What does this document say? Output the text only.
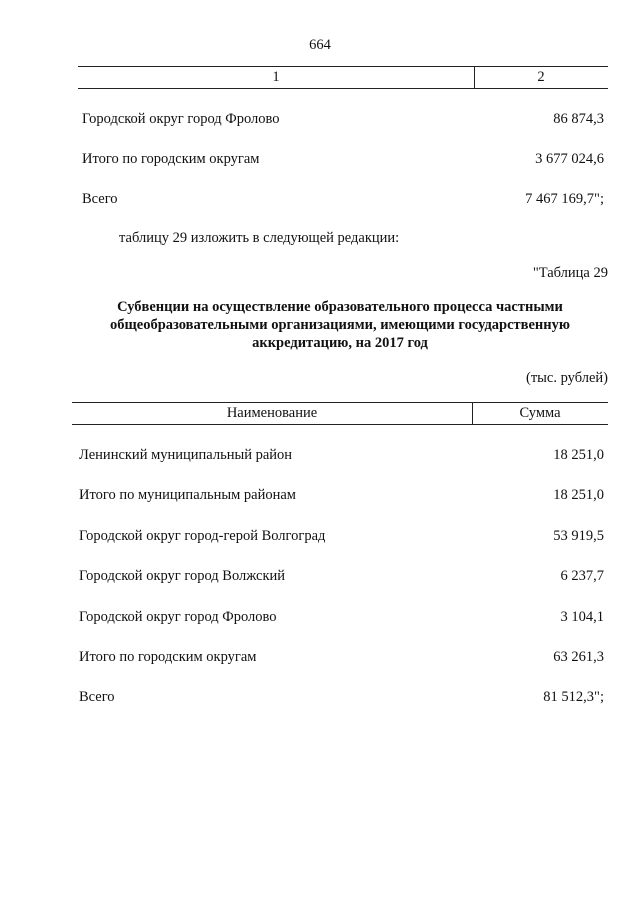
664
1	2
Городской округ город Фролово	86 874,3
Итого по городским округам	3 677 024,6
Всего	7 467 169,7";
таблицу 29 изложить в следующей редакции:
"Таблица 29
Субвенции на осуществление образовательного процесса частными
общеобразовательными организациями, имеющими государственную
аккредитацию, на 2017 год
(тыс. рублей)
Наименование	Сумма
Ленинский муниципальный район	18 251,0
Итого по муниципальным районам	18 251,0
Городской округ город-герой Волгоград	53 919,5
Городской округ город Волжский	6 237,7
Городской округ город Фролово	3 104,1
Итого по городским округам	63 261,3
Всего	81 512,3";
